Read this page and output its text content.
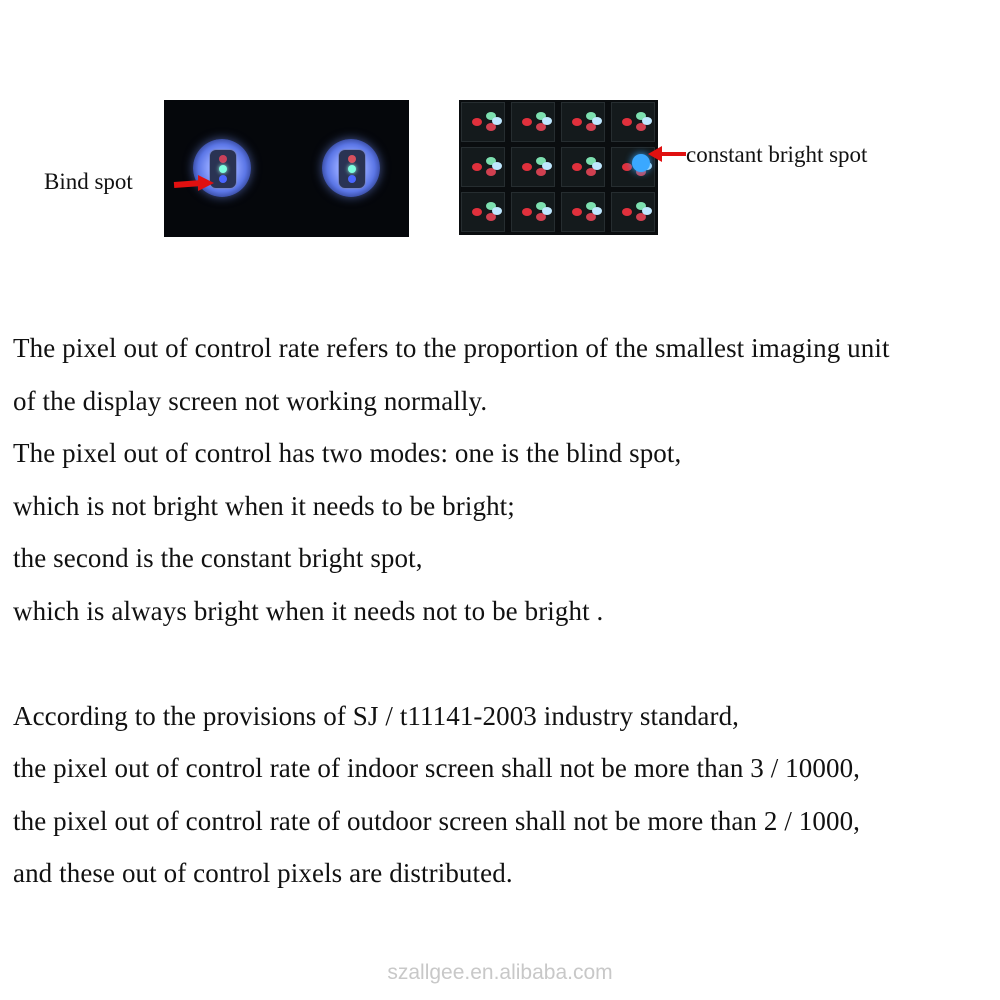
Bind spot
constant bright spot

The pixel out of control rate refers to the proportion of the smallest imaging unit

of the display screen not working normally.

The pixel out of control has two modes: one is the blind spot,

which is not bright when it needs to be bright;

the second is the constant bright spot,

which is always bright when it needs not to be bright .

According to the provisions of SJ / t11141-2003 industry standard,

the pixel out of control rate of indoor screen shall not be more than 3 / 10000,

the pixel out of control rate of outdoor screen shall not be more than 2 / 1000,

and these out of control pixels are distributed.

szallgee.en.alibaba.com
